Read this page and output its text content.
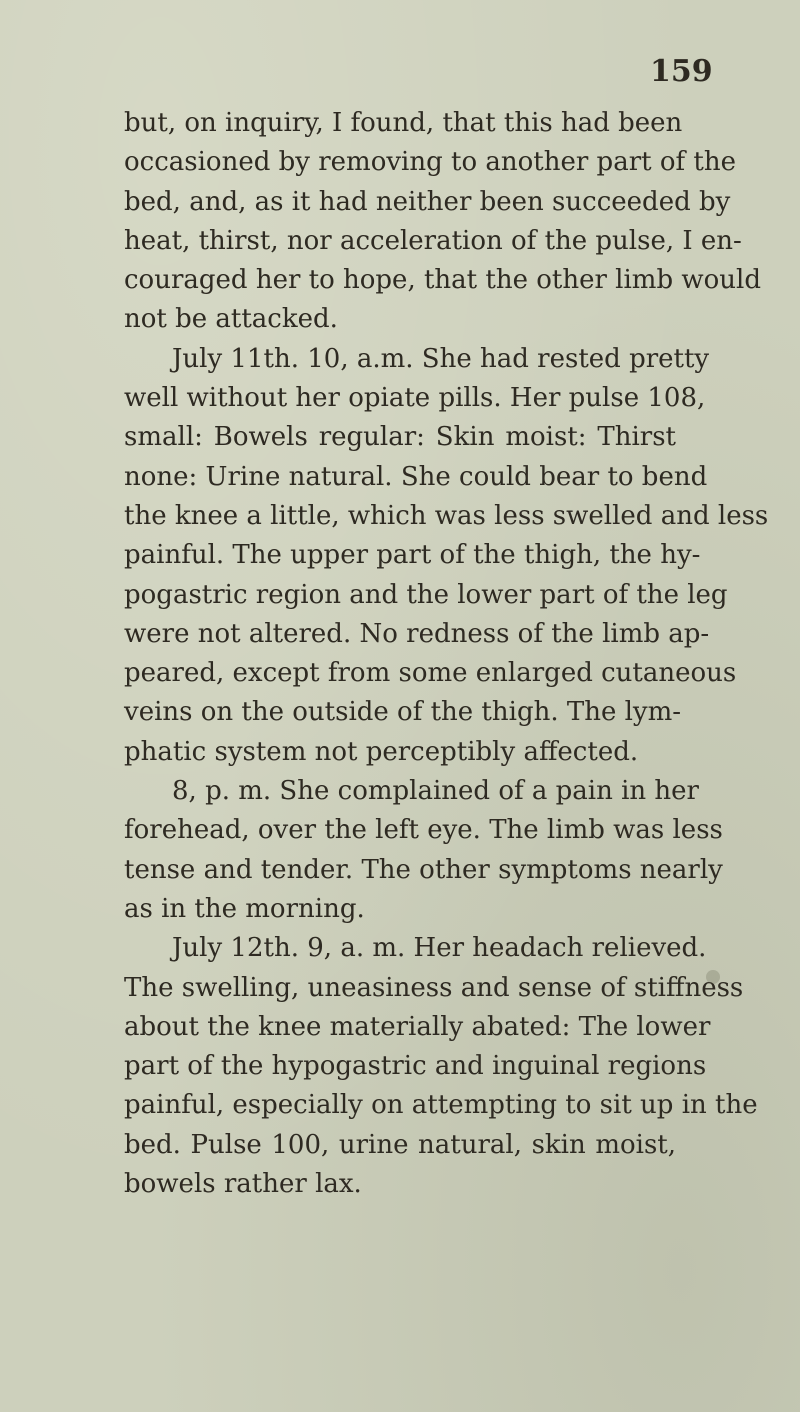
159
but, on inquiry, I found, that this had been
occasioned by removing to another part of the
bed, and, as it had neither been succeeded by
heat, thirst, nor acceleration of the pulse, I en-
couraged her to hope, that the other limb would
not be attacked.
July 11th. 10, a.m. She had rested pretty
well without her opiate pills. Her pulse 108,
small: Bowels regular: Skin moist: Thirst
none: Urine natural. She could bear to bend
the knee a little, which was less swelled and less
painful. The upper part of the thigh, the hy-
pogastric region and the lower part of the leg
were not altered. No redness of the limb ap-
peared, except from some enlarged cutaneous
veins on the outside of the thigh. The lym-
phatic system not perceptibly affected.
8, p. m. She complained of a pain in her
forehead, over the left eye. The limb was less
tense and tender. The other symptoms nearly
as in the morning.
July 12th. 9, a. m. Her headach relieved.
The swelling, uneasiness and sense of stiffness
about the knee materially abated: The lower
part of the hypogastric and inguinal regions
painful, especially on attempting to sit up in the
bed. Pulse 100, urine natural, skin moist,
bowels rather lax.
